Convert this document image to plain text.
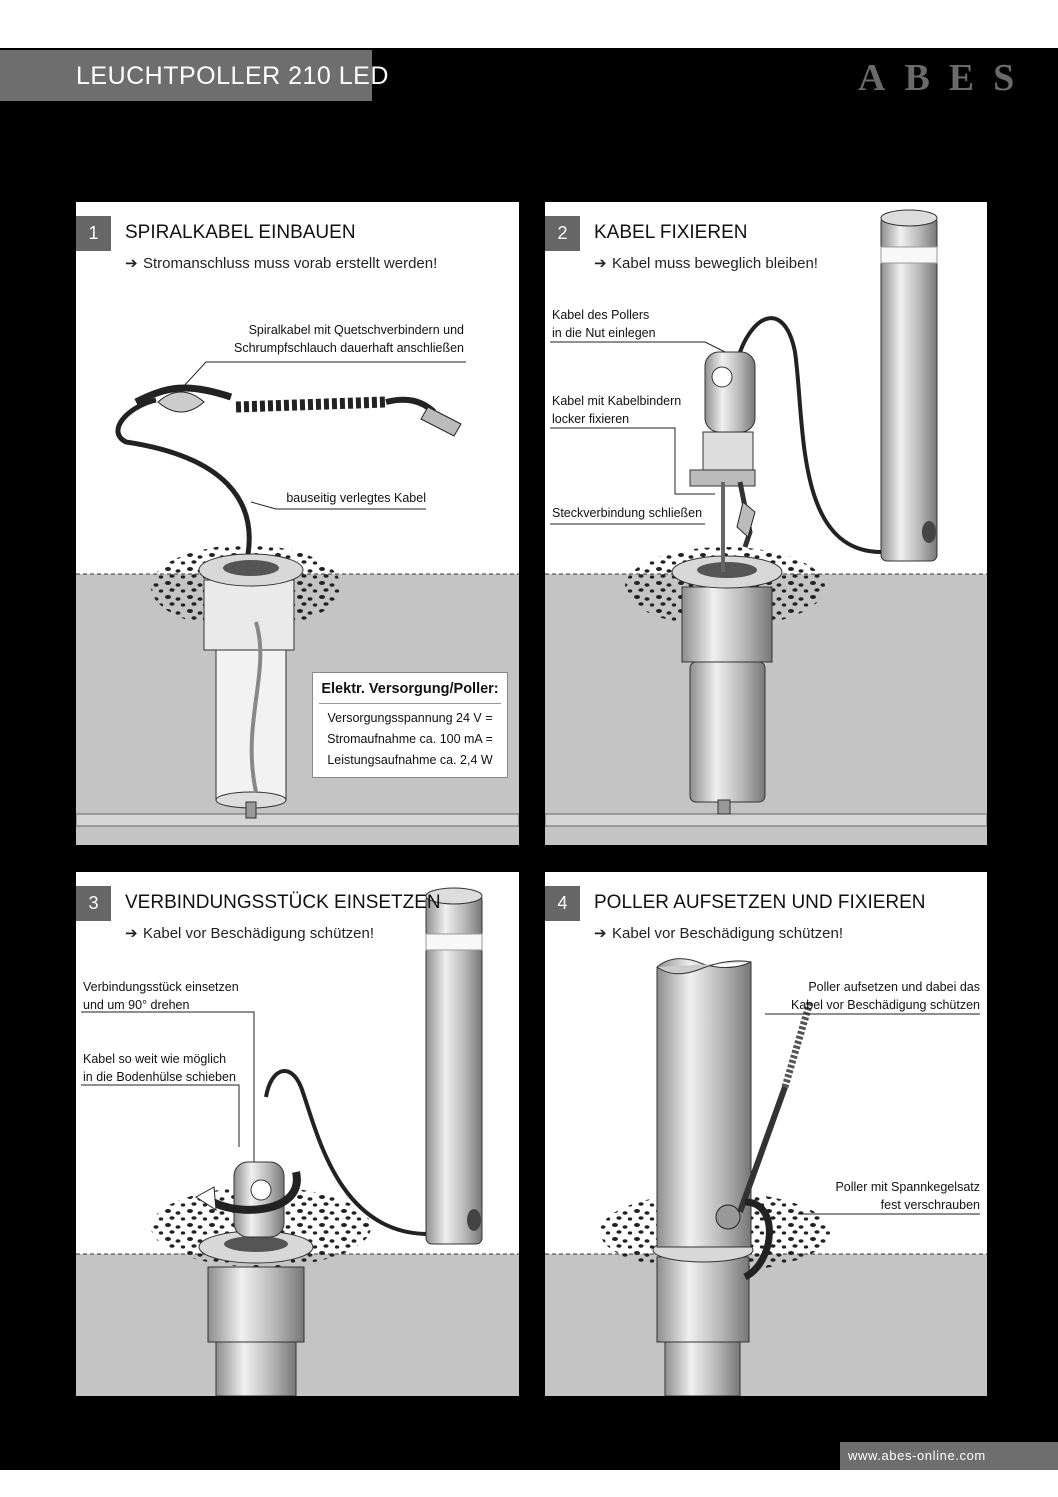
LEUCHTPOLLER 210 LED	ABES
1	SPIRALKABEL EINBAUEN
➔ Stromanschluss muss vorab erstellt werden!
Spiralkabel mit Quetschverbindern und
Schrumpfschlauch dauerhaft anschließen
bauseitig verlegtes Kabel
Elektr. Versorgung/Poller:
Versorgungsspannung 24 V =
Stromaufnahme ca. 100 mA =
Leistungsaufnahme ca. 2,4 W
2	KABEL FIXIEREN
➔ Kabel muss beweglich bleiben!
Kabel des Pollers
in die Nut einlegen
Kabel mit Kabelbindern
locker fixieren
Steckverbindung schließen
3	VERBINDUNGSSTÜCK EINSETZEN
➔ Kabel vor Beschädigung schützen!
Verbindungsstück einsetzen
und um 90° drehen
Kabel so weit wie möglich
in die Bodenhülse schieben
4	POLLER AUFSETZEN UND FIXIEREN
➔ Kabel vor Beschädigung schützen!
Poller aufsetzen und dabei das
Kabel vor Beschädigung schützen
Poller mit Spannkegelsatz
fest verschrauben
www.abes-online.com
